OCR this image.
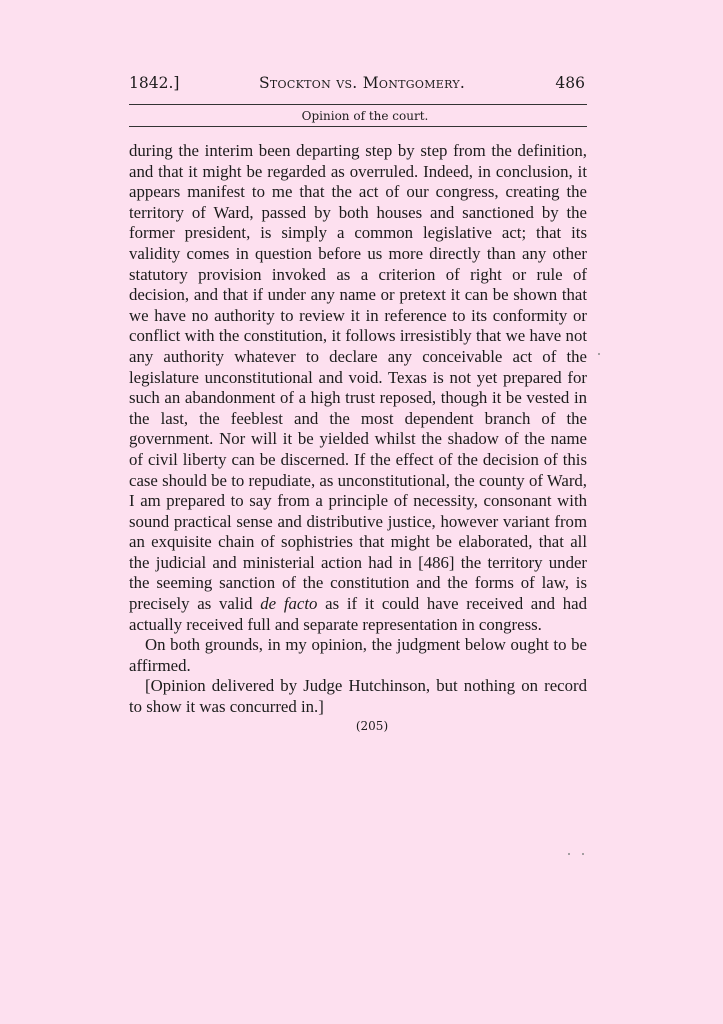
1842.]	Stockton vs. Montgomery.	486
Opinion of the court.

during the interim been departing step by step from the definition, and that it might be regarded as overruled. Indeed, in conclusion, it appears manifest to me that the act of our congress, creating the territory of Ward, passed by both houses and sanctioned by the former president, is simply a common legislative act; that its validity comes in question before us more directly than any other statutory provision invoked as a criterion of right or rule of decision, and that if under any name or pretext it can be shown that we have no authority to review it in reference to its conformity or conflict with the constitution, it follows irresistibly that we have not any authority whatever to declare any conceivable act of the legislature unconstitutional and void. Texas is not yet prepared for such an abandonment of a high trust reposed, though it be vested in the last, the feeblest and the most dependent branch of the government. Nor will it be yielded whilst the shadow of the name of civil liberty can be discerned. If the effect of the decision of this case should be to repudiate, as unconstitutional, the county of Ward, I am prepared to say from a principle of necessity, consonant with sound practical sense and distributive justice, however variant from an exquisite chain of sophistries that might be elaborated, that all the judicial and ministerial action had in [486] the territory under the seeming sanction of the constitution and the forms of law, is precisely as valid de facto as if it could have received and had actually received full and separate representation in congress.

On both grounds, in my opinion, the judgment below ought to be affirmed.

[Opinion delivered by Judge Hutchinson, but nothing on record to show it was concurred in.]

(205)
